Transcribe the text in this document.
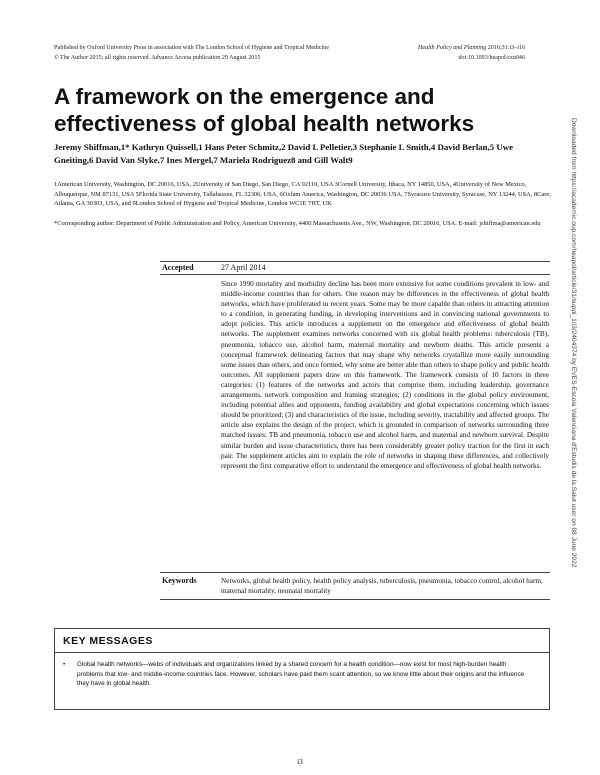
Published by Oxford University Press in association with The London School of Hygiene and Tropical Medicine
© The Author 2015; all rights reserved. Advance Access publication 29 August 2015
Health Policy and Planning 2016;31:i3–i16
doi:10.1093/heapol/czu046
A framework on the emergence and effectiveness of global health networks
Jeremy Shiffman,1* Kathryn Quissell,1 Hans Peter Schmitz,2 David L Pelletier,3 Stephanie L Smith,4 David Berlan,5 Uwe Gneiting,6 David Van Slyke,7 Ines Mergel,7 Mariela Rodriguez8 and Gill Walt9
1American University, Washington, DC 20016, USA, 2University of San Diego, San Diego, CA 92110, USA 3Cornell University, Ithaca, NY 14850, USA, 4University of New Mexico, Albuquerque, NM 87131, USA 5Florida State University, Tallahassee, FL 32306, USA, 6Oxfam America, Washington, DC 20036 USA, 7Syracuse University, Syracuse, NY 13244, USA, 8Care, Atlanta, GA 30303, USA, and 9London School of Hygiene and Tropical Medicine, London WC1E 7HT, UK
*Corresponding author. Department of Public Administration and Policy, American University, 4400 Massachusetts Ave., NW, Washington, DC 20016, USA. E-mail: jshiffma@american.edu
Accepted	27 April 2014

Since 1990 mortality and morbidity decline has been more extensive for some conditions prevalent in low- and middle-income countries than for others. One reason may be differences in the effectiveness of global health networks, which have proliferated in recent years. Some may be more capable than others in attracting attention to a condition, in generating funding, in developing interventions and in convincing national governments to adopt policies. This article introduces a supplement on the emergence and effectiveness of global health networks. The supplement examines networks concerned with six global health problems: tuberculosis (TB), pneumonia, tobacco use, alcohol harm, maternal mortality and newborn deaths. This article presents a conceptual framework delineating factors that may shape why networks crystallize more easily surrounding some issues than others, and once formed, why some are better able than others to shape policy and public health outcomes. All supplement papers draw on this framework. The framework consists of 10 factors in three categories: (1) features of the networks and actors that comprise them, including leadership, governance arrangements, network composition and framing strategies; (2) conditions in the global policy environment, including potential allies and opponents, funding availability and global expectations concerning which issues should be prioritized; (3) and characteristics of the issue, including severity, tractability and affected groups. The article also explains the design of the project, which is grounded in comparison of networks surrounding three matched issues: TB and pneumonia, tobacco use and alcohol harm, and maternal and newborn survival. Despite similar burden and issue characteristics, there has been considerably greater policy traction for the first in each pair. The supplement articles aim to explain the role of networks in shaping these differences, and collectively represent the first comparative effort to understand the emergence and effectiveness of global health networks.

Keywords	Networks, global health policy, health policy analysis, tuberculosis, pneumonia, tobacco control, alcohol harm, maternal mortality, neonatal mortality

KEY MESSAGES
• Global health networks—webs of individuals and organizations linked by a shared concern for a health condition—now exist for most high-burden health problems that low- and middle-income countries face. However, scholars have paid them scant attention, so we know little about their origins and the influence they have in global health.
i3
Downloaded from https://academic.oup.com/heapol/article/31/suppl_1/i3/2404374 by EVES-Escola Valenciana d'Estudis de la Salut user on 08 June 2022
